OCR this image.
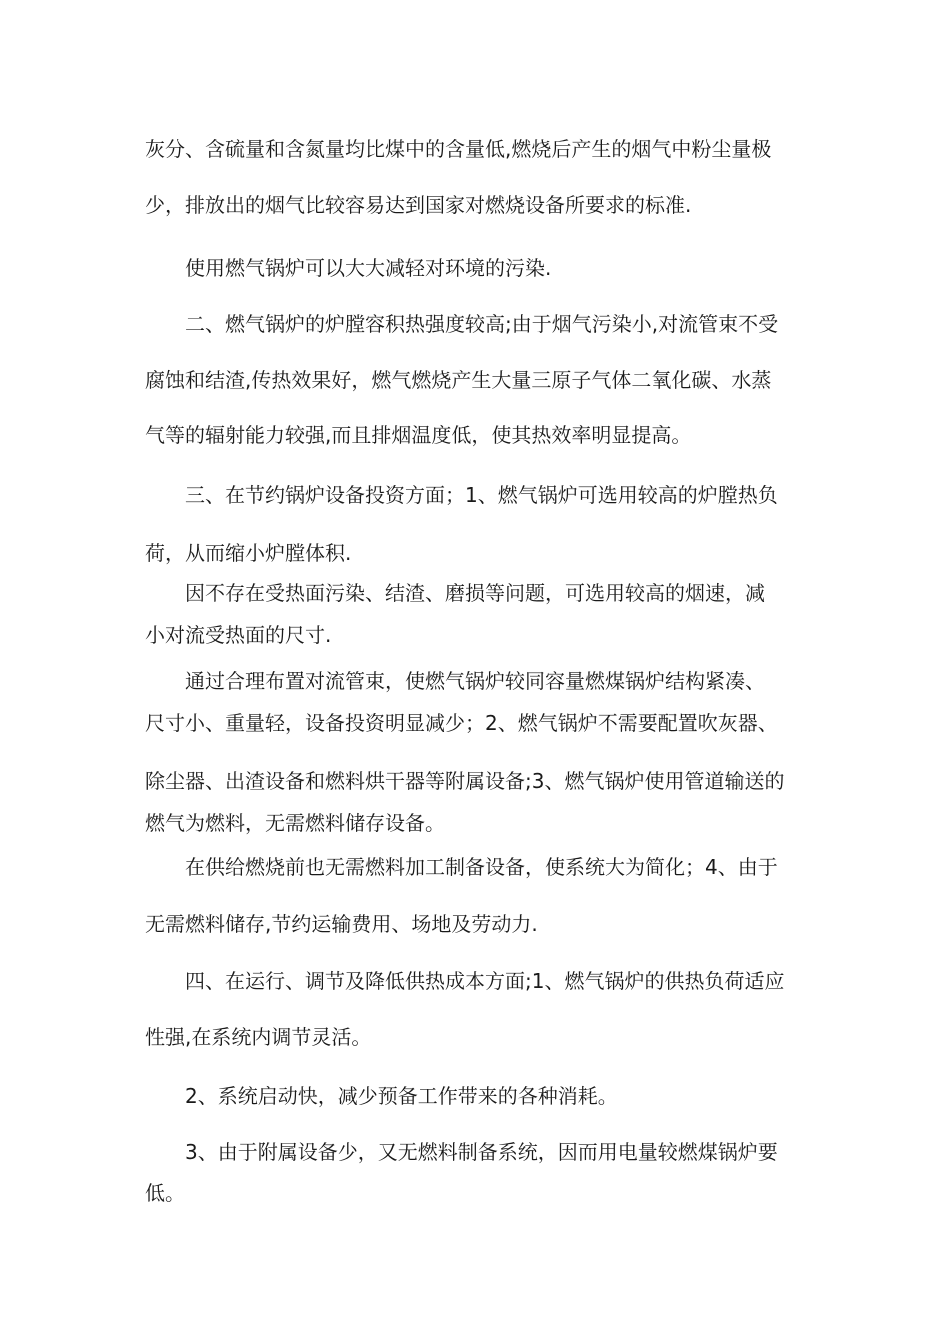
灰分、含硫量和含氮量均比煤中的含量低,燃烧后产生的烟气中粉尘量极
少，排放出的烟气比较容易达到国家对燃烧设备所要求的标准.
使用燃气锅炉可以大大减轻对环境的污染.
二、燃气锅炉的炉膛容积热强度较高;由于烟气污染小,对流管束不受
腐蚀和结渣,传热效果好，燃气燃烧产生大量三原子气体二氧化碳、水蒸
气等的辐射能力较强,而且排烟温度低，使其热效率明显提高。
三、在节约锅炉设备投资方面；1、燃气锅炉可选用较高的炉膛热负
荷，从而缩小炉膛体积.
因不存在受热面污染、结渣、磨损等问题，可选用较高的烟速，减
小对流受热面的尺寸.
通过合理布置对流管束，使燃气锅炉较同容量燃煤锅炉结构紧凑、
尺寸小、重量轻，设备投资明显减少；2、燃气锅炉不需要配置吹灰器、
除尘器、出渣设备和燃料烘干器等附属设备;3、燃气锅炉使用管道输送的
燃气为燃料，无需燃料储存设备。
在供给燃烧前也无需燃料加工制备设备，使系统大为简化；4、由于
无需燃料储存,节约运输费用、场地及劳动力.
四、在运行、调节及降低供热成本方面;1、燃气锅炉的供热负荷适应
性强,在系统内调节灵活。
2、系统启动快，减少预备工作带来的各种消耗。
3、由于附属设备少，又无燃料制备系统，因而用电量较燃煤锅炉要
低。
